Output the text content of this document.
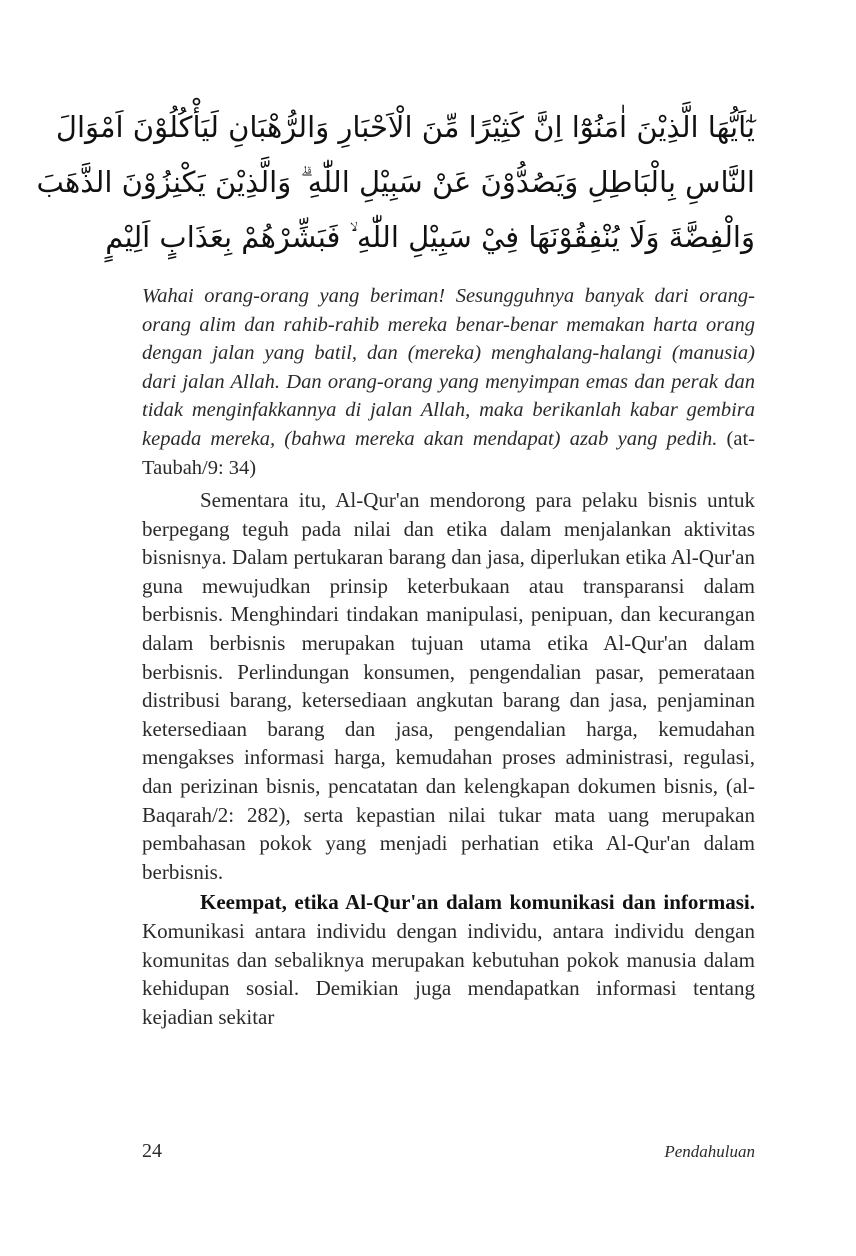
يٰٓاَيُّهَا الَّذِيْنَ اٰمَنُوْٓا اِنَّ كَثِيْرًا مِّنَ الْاَحْبَارِ وَالرُّهْبَانِ لَيَأْكُلُوْنَ اَمْوَالَ
النَّاسِ بِالْبَاطِلِ وَيَصُدُّوْنَ عَنْ سَبِيْلِ اللّٰهِ ۗ وَالَّذِيْنَ يَكْنِزُوْنَ الذَّهَبَ
وَالْفِضَّةَ وَلَا يُنْفِقُوْنَهَا فِيْ سَبِيْلِ اللّٰهِ ۙ فَبَشِّرْهُمْ بِعَذَابٍ اَلِيْمٍ
Wahai orang-orang yang beriman! Sesungguhnya banyak dari orang-orang alim dan rahib-rahib mereka benar-benar memakan harta orang dengan jalan yang batil, dan (mereka) menghalang-halangi (manusia) dari jalan Allah. Dan orang-orang yang menyimpan emas dan perak dan tidak menginfakkannya di jalan Allah, maka berikanlah kabar gembira kepada mereka, (bahwa mereka akan mendapat) azab yang pedih. (at-Taubah/9: 34)

Sementara itu, Al-Qur'an mendorong para pelaku bisnis untuk berpegang teguh pada nilai dan etika dalam menjalankan aktivitas bisnisnya. Dalam pertukaran barang dan jasa, diperlukan etika Al-Qur'an guna mewujudkan prinsip keterbukaan atau transparansi dalam berbisnis. Menghindari tindakan manipulasi, penipuan, dan kecurangan dalam berbisnis merupakan tujuan utama etika Al-Qur'an dalam berbisnis. Perlindungan konsumen, pengendalian pasar, pemerataan distribusi barang, ketersediaan angkutan barang dan jasa, penjaminan ketersediaan barang dan jasa, pengendalian harga, kemudahan mengakses informasi harga, kemudahan proses administrasi, regulasi, dan perizinan bisnis, pencatatan dan kelengkapan dokumen bisnis, (al-Baqarah/2: 282), serta kepastian nilai tukar mata uang merupakan pembahasan pokok yang menjadi perhatian etika Al-Qur'an dalam berbisnis.

Keempat, etika Al-Qur'an dalam komunikasi dan informasi. Komunikasi antara individu dengan individu, antara individu dengan komunitas dan sebaliknya merupakan kebutuhan pokok manusia dalam kehidupan sosial. Demikian juga mendapatkan informasi tentang kejadian sekitar

24	Pendahuluan
